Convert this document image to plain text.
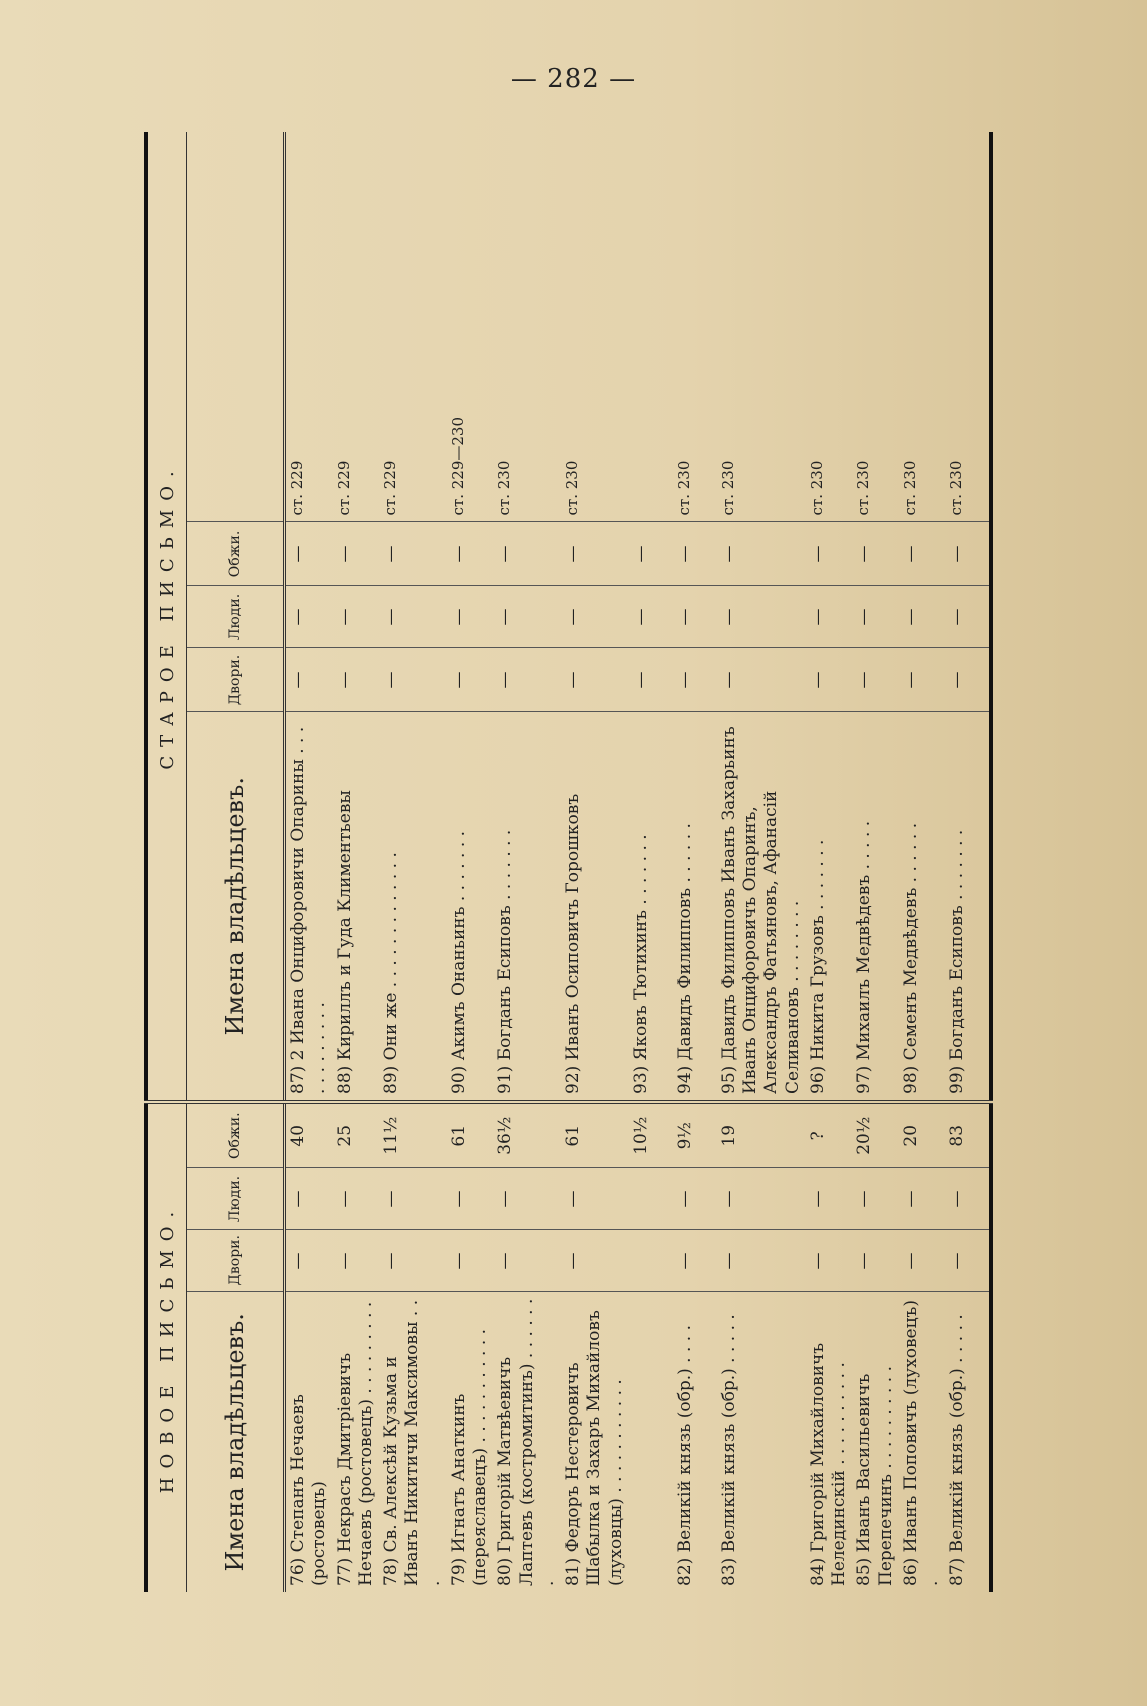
— 282 —
НОВОЕ ПИСЬМО.				СТАРОЕ ПИСЬМО.				
Имена владѣльцевъ.	Двори.	Люди.	Обжи.	Имена владѣльцевъ.	Двори.	Люди.	Обжи.	
76) Степанъ Нечаевъ (ростовецъ)	—	—	40	87) 2 Ивана Онцифоровичи Опарины . . . . . . . . . . . .	—	—	—	ст. 229
77) Некрасъ Дмитріевичъ Нечаевъ (ростовецъ) . . . . . . . . .	—	—	25	88) Кириллъ и Гуда Климентьевы	—	—	—	ст. 229
78) Св. Алексѣй Кузьма и Иванъ Никитичи Максимовы . . .	—	—	11½	89) Они же . . . . . . . . . . . . .	—	—	—	ст. 229
79) Игнатъ Анаткинъ (переяславецъ) . . . . . . . . . . .	—	—	61	90) Акимъ Онаньинъ . . . . . . .	—	—	—	ст. 229—230
80) Григорій Матвѣевичъ Лаптевъ (костромитинъ) . . . . . . .	—	—	36½	91) Богданъ Есиповъ . . . . . . .	—	—	—	ст. 230
81) Федоръ Нестеровичъ Шабылка и Захаръ Михайловъ (луховцы) . . . . . . . . . . .	—	—	61	92) Иванъ Осиповичъ Горошковъ	—	—	—	ст. 230
			10½	93) Яковъ Тютихинъ . . . . . . .	—	—	—	
82) Великій князь (обр.) . . . .	—	—	9½	94) Давидъ Филипповъ . . . . . .	—	—	—	ст. 230
83) Великій князь (обр.) . . . . .	—	—	19	95) Давидъ Филипповъ Иванъ Захарьинъ Иванъ Онцифоровичъ Опаринъ, Александръ Фатьяновъ, Афанасій Селивановъ . . . . . . . .	—	—	—	ст. 230
84) Григорій Михайловичъ Нелединскій . . . . . . . . . .	—	—	?	96) Никита Грузовъ . . . . . . .	—	—	—	ст. 230
85) Иванъ Васильевичъ Перепечинъ . . . . . . . . . .	—	—	20½	97) Михаилъ Медвѣдевъ . . . . .	—	—	—	ст. 230
86) Иванъ Поповичъ (луховецъ) .	—	—	20	98) Семенъ Медвѣдевъ . . . . . .	—	—	—	ст. 230
87) Великій князь (обр.) . . . . .	—	—	83	99) Богданъ Есиповъ . . . . . . .	—	—	—	ст. 230
